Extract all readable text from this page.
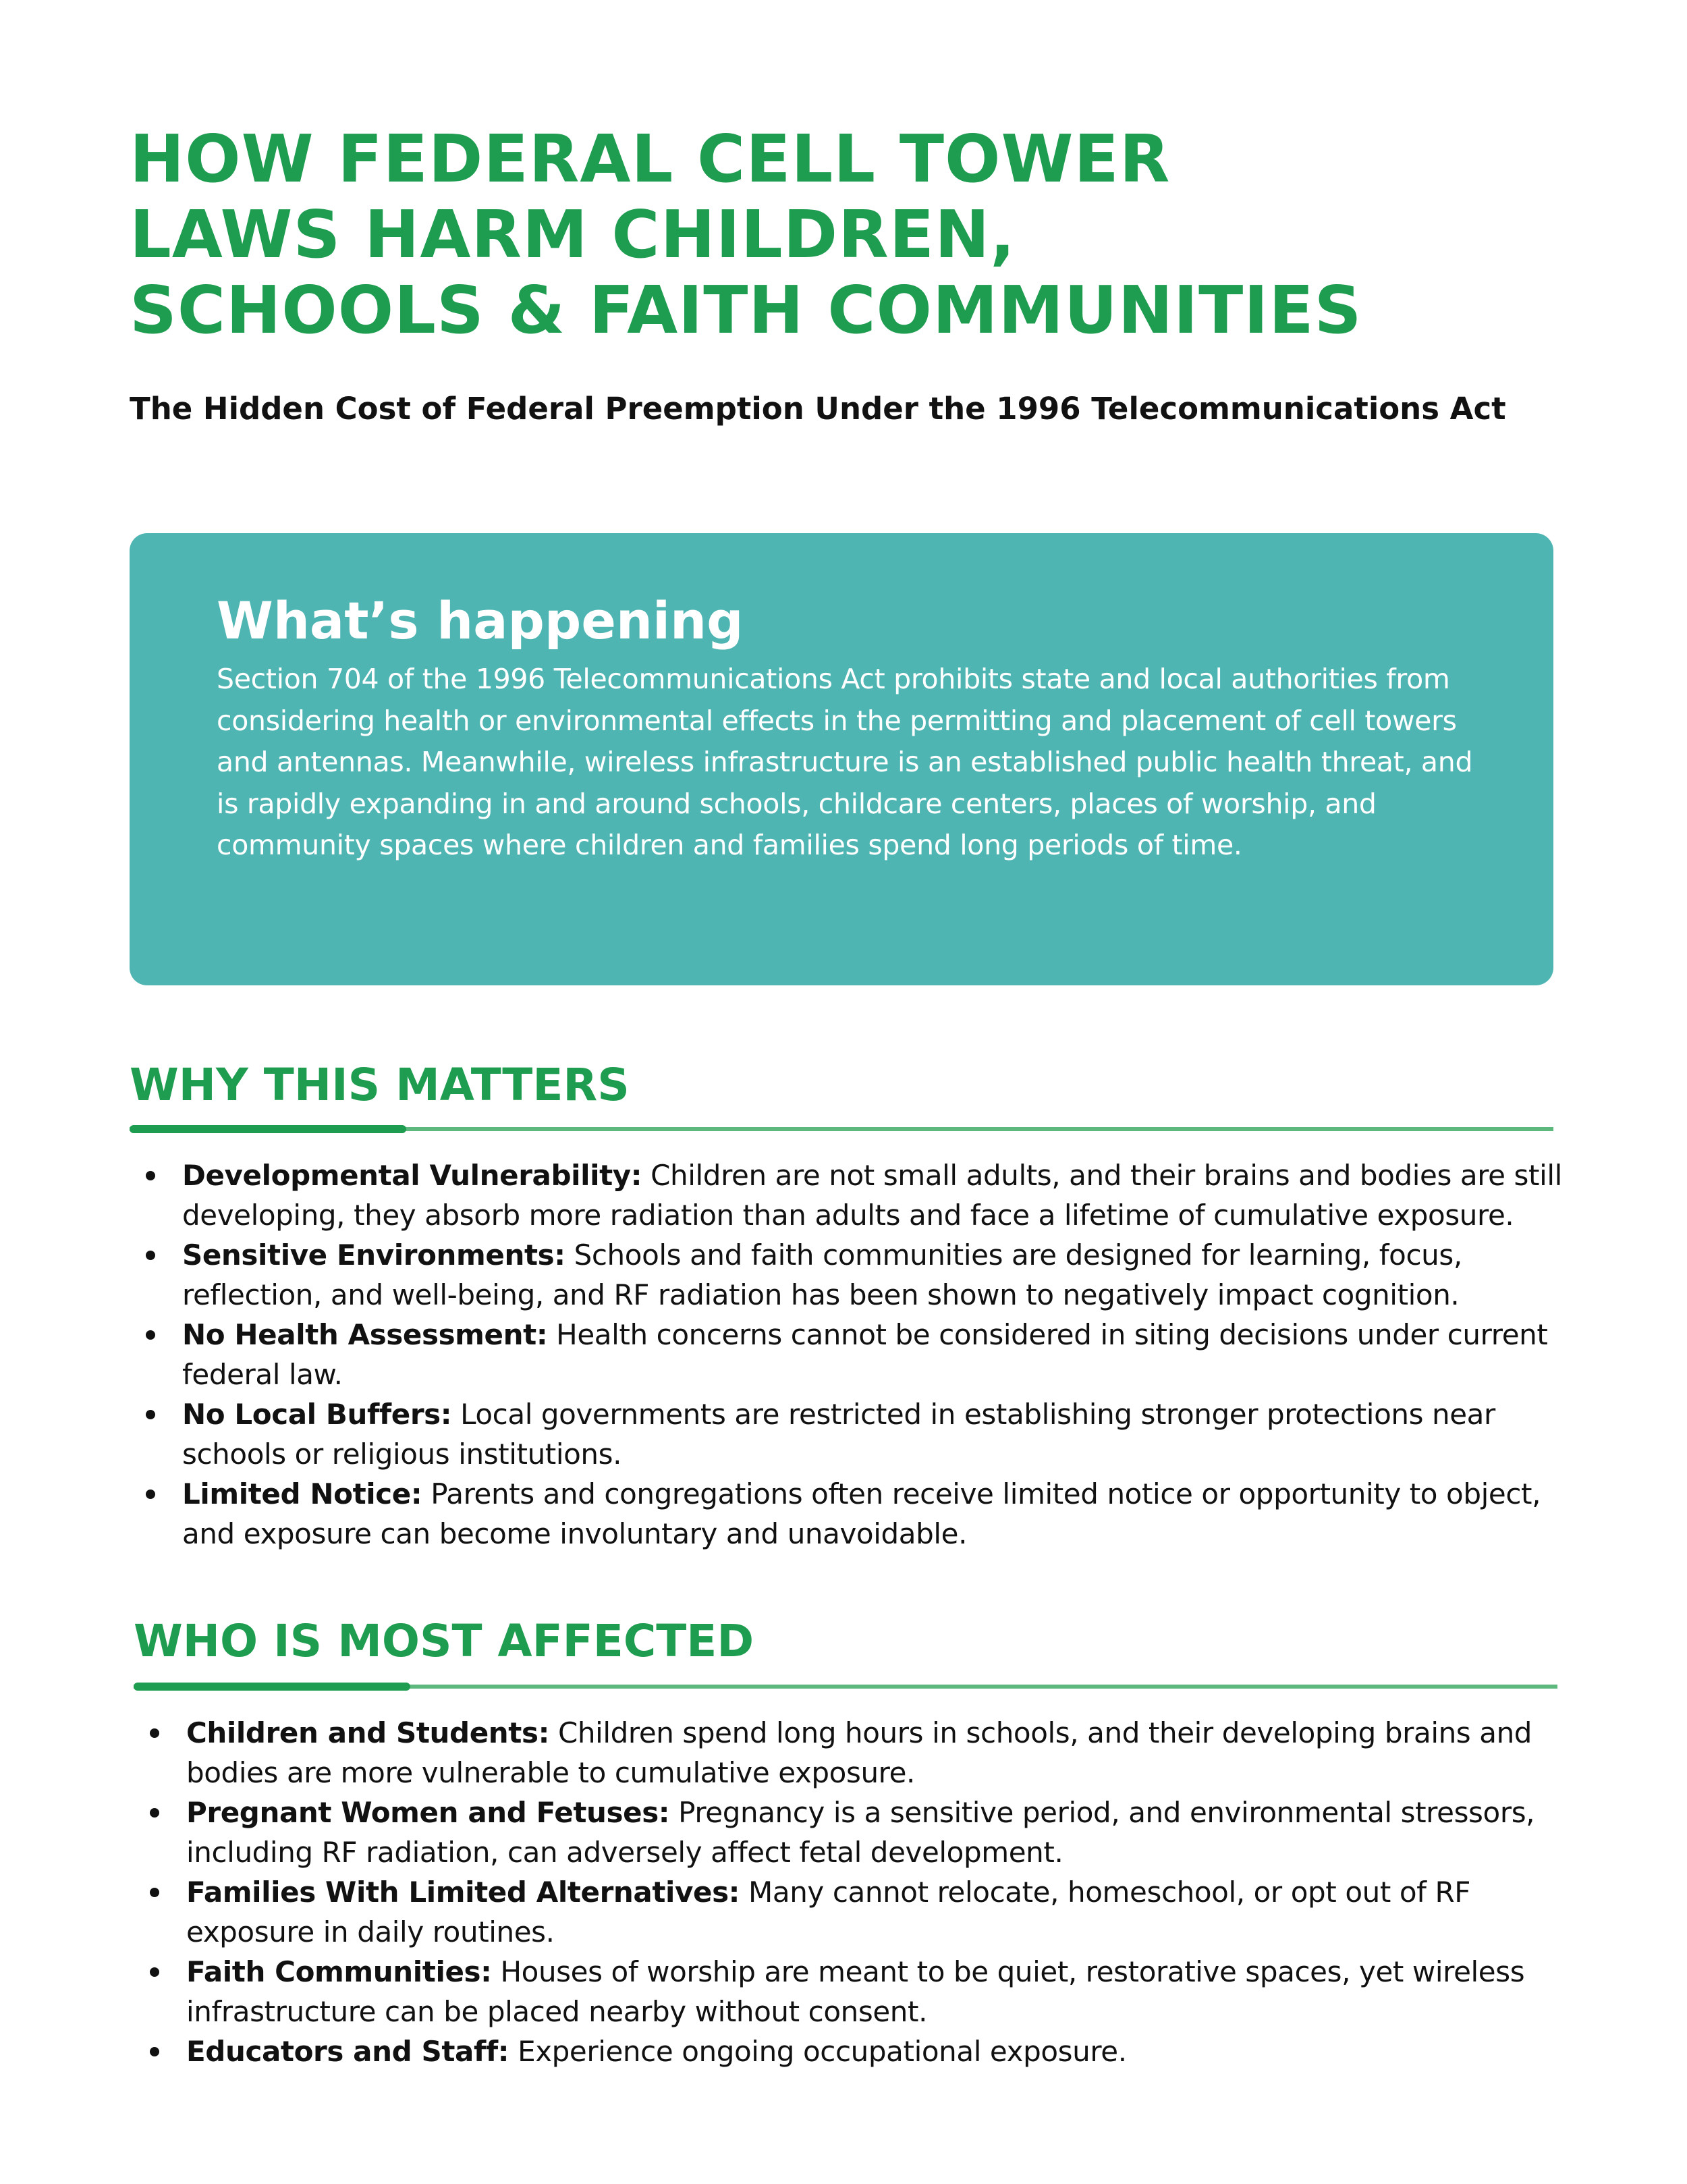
HOW FEDERAL CELL TOWER
LAWS HARM CHILDREN,
SCHOOLS & FAITH COMMUNITIES

The Hidden Cost of Federal Preemption Under the 1996 Telecommunications Act

What’s happening

Section 704 of the 1996 Telecommunications Act prohibits state and local authorities from considering health or environmental effects in the permitting and placement of cell towers and antennas. Meanwhile, wireless infrastructure is an established public health threat, and is rapidly expanding in and around schools, childcare centers, places of worship, and community spaces where children and families spend long periods of time.

WHY THIS MATTERS
Developmental Vulnerability: Children are not small adults, and their brains and bodies are still developing, they absorb more radiation than adults and face a lifetime of cumulative exposure.
Sensitive Environments: Schools and faith communities are designed for learning, focus, reflection, and well-being, and RF radiation has been shown to negatively impact cognition.
No Health Assessment: Health concerns cannot be considered in siting decisions under current federal law.
No Local Buffers: Local governments are restricted in establishing stronger protections near schools or religious institutions.
Limited Notice: Parents and congregations often receive limited notice or opportunity to object, and exposure can become involuntary and unavoidable.
WHO IS MOST AFFECTED
Children and Students: Children spend long hours in schools, and their developing brains and bodies are more vulnerable to cumulative exposure.
Pregnant Women and Fetuses: Pregnancy is a sensitive period, and environmental stressors, including RF radiation, can adversely affect fetal development.
Families With Limited Alternatives: Many cannot relocate, homeschool, or opt out of RF exposure in daily routines.
Faith Communities: Houses of worship are meant to be quiet, restorative spaces, yet wireless infrastructure can be placed nearby without consent.
Educators and Staff: Experience ongoing occupational exposure.
